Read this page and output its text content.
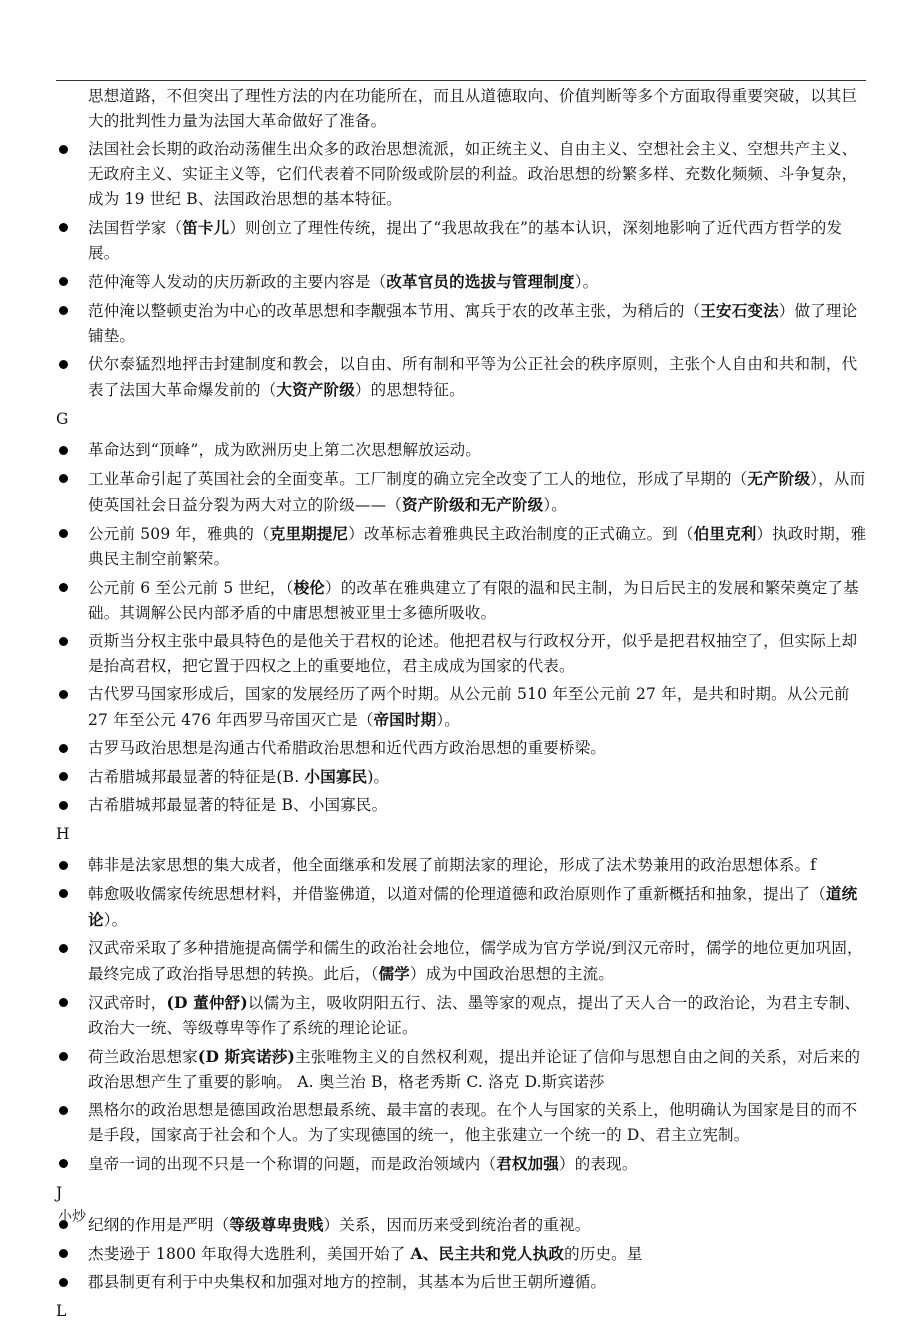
思想道路，不但突出了理性方法的内在功能所在，而且从道德取向、价值判断等多个方面取得重要突破，以其巨大的批判性力量为法国大革命做好了准备。
法国社会长期的政治动荡催生出众多的政治思想流派，如正统主义、自由主义、空想社会主义、空想共产主义、无政府主义、实证主义等，它们代表着不同阶级或阶层的利益。政治思想的纷繁多样、充数化频频、斗争复杂，成为 19 世纪 B、法国政治思想的基本特征。
法国哲学家（笛卡儿）则创立了理性传统，提出了“我思故我在”的基本认识，深刻地影响了近代西方哲学的发展。
范仲淹等人发动的庆历新政的主要内容是（改革官员的选拔与管理制度）。
范仲淹以整顿吏治为中心的改革思想和李觏强本节用、寓兵于农的改革主张，为稍后的（王安石变法）做了理论铺垫。
伏尔泰猛烈地抨击封建制度和教会，以自由、所有制和平等为公正社会的秩序原则，主张个人自由和共和制，代表了法国大革命爆发前的（大资产阶级）的思想特征。
G
革命达到“顶峰”，成为欧洲历史上第二次思想解放运动。
工业革命引起了英国社会的全面变革。工厂制度的确立完全改变了工人的地位，形成了早期的（无产阶级），从而使英国社会日益分裂为两大对立的阶级——（资产阶级和无产阶级）。
公元前 509 年，雅典的（克里期提尼）改革标志着雅典民主政治制度的正式确立。到（伯里克利）执政时期，雅典民主制空前繁荣。
公元前 6 至公元前 5 世纪，（梭伦）的改革在雅典建立了有限的温和民主制，为日后民主的发展和繁荣奠定了基础。其调解公民内部矛盾的中庸思想被亚里士多德所吸收。
贡斯当分权主张中最具特色的是他关于君权的论述。他把君权与行政权分开，似乎是把君权抽空了，但实际上却是抬高君权，把它置于四权之上的重要地位，君主成成为国家的代表。
古代罗马国家形成后，国家的发展经历了两个时期。从公元前 510 年至公元前 27 年，是共和时期。从公元前 27 年至公元 476 年西罗马帝国灭亡是（帝国时期）。
古罗马政治思想是沟通古代希腊政治思想和近代西方政治思想的重要桥梁。
古希腊城邦最显著的特征是(B. 小国寡民)。
古希腊城邦最显著的特征是 B、小国寡民。
H
韩非是法家思想的集大成者，他全面继承和发展了前期法家的理论，形成了法术势兼用的政治思想体系。f
韩愈吸收儒家传统思想材料，并借鉴佛道，以道对儒的伦理道德和政治原则作了重新概括和抽象，提出了（道统论）。
汉武帝采取了多种措施提高儒学和儒生的政治社会地位，儒学成为官方学说/到汉元帝时，儒学的地位更加巩固，最终完成了政治指导思想的转换。此后，（儒学）成为中国政治思想的主流。
汉武帝时，(D 董仲舒)以儒为主，吸收阴阳五行、法、墨等家的观点，提出了天人合一的政治论，为君主专制、政治大一统、等级尊卑等作了系统的理论论证。
荷兰政治思想家(D 斯宾诺莎)主张唯物主义的自然权利观，提出并论证了信仰与思想自由之间的关系，对后来的政治思想产生了重要的影响。 A. 奥兰治 B，格老秀斯 C. 洛克 D.斯宾诺莎
黑格尔的政治思想是德国政治思想最系统、最丰富的表现。在个人与国家的关系上，他明确认为国家是目的而不是手段，国家高于社会和个人。为了实现德国的统一，他主张建立一个统一的 D、君主立宪制。
皇帝一词的出现不只是一个称谓的问题，而是政治领域内（君权加强）的表现。
J
纪纲的作用是严明（等级尊卑贵贱）关系，因而历来受到统治者的重视。
杰斐逊于 1800 年取得大选胜利，美国开始了 A、民主共和党人执政的历史。星
郡县制更有利于中央集权和加强对地方的控制，其基本为后世王朝所遵循。
L
小炒
